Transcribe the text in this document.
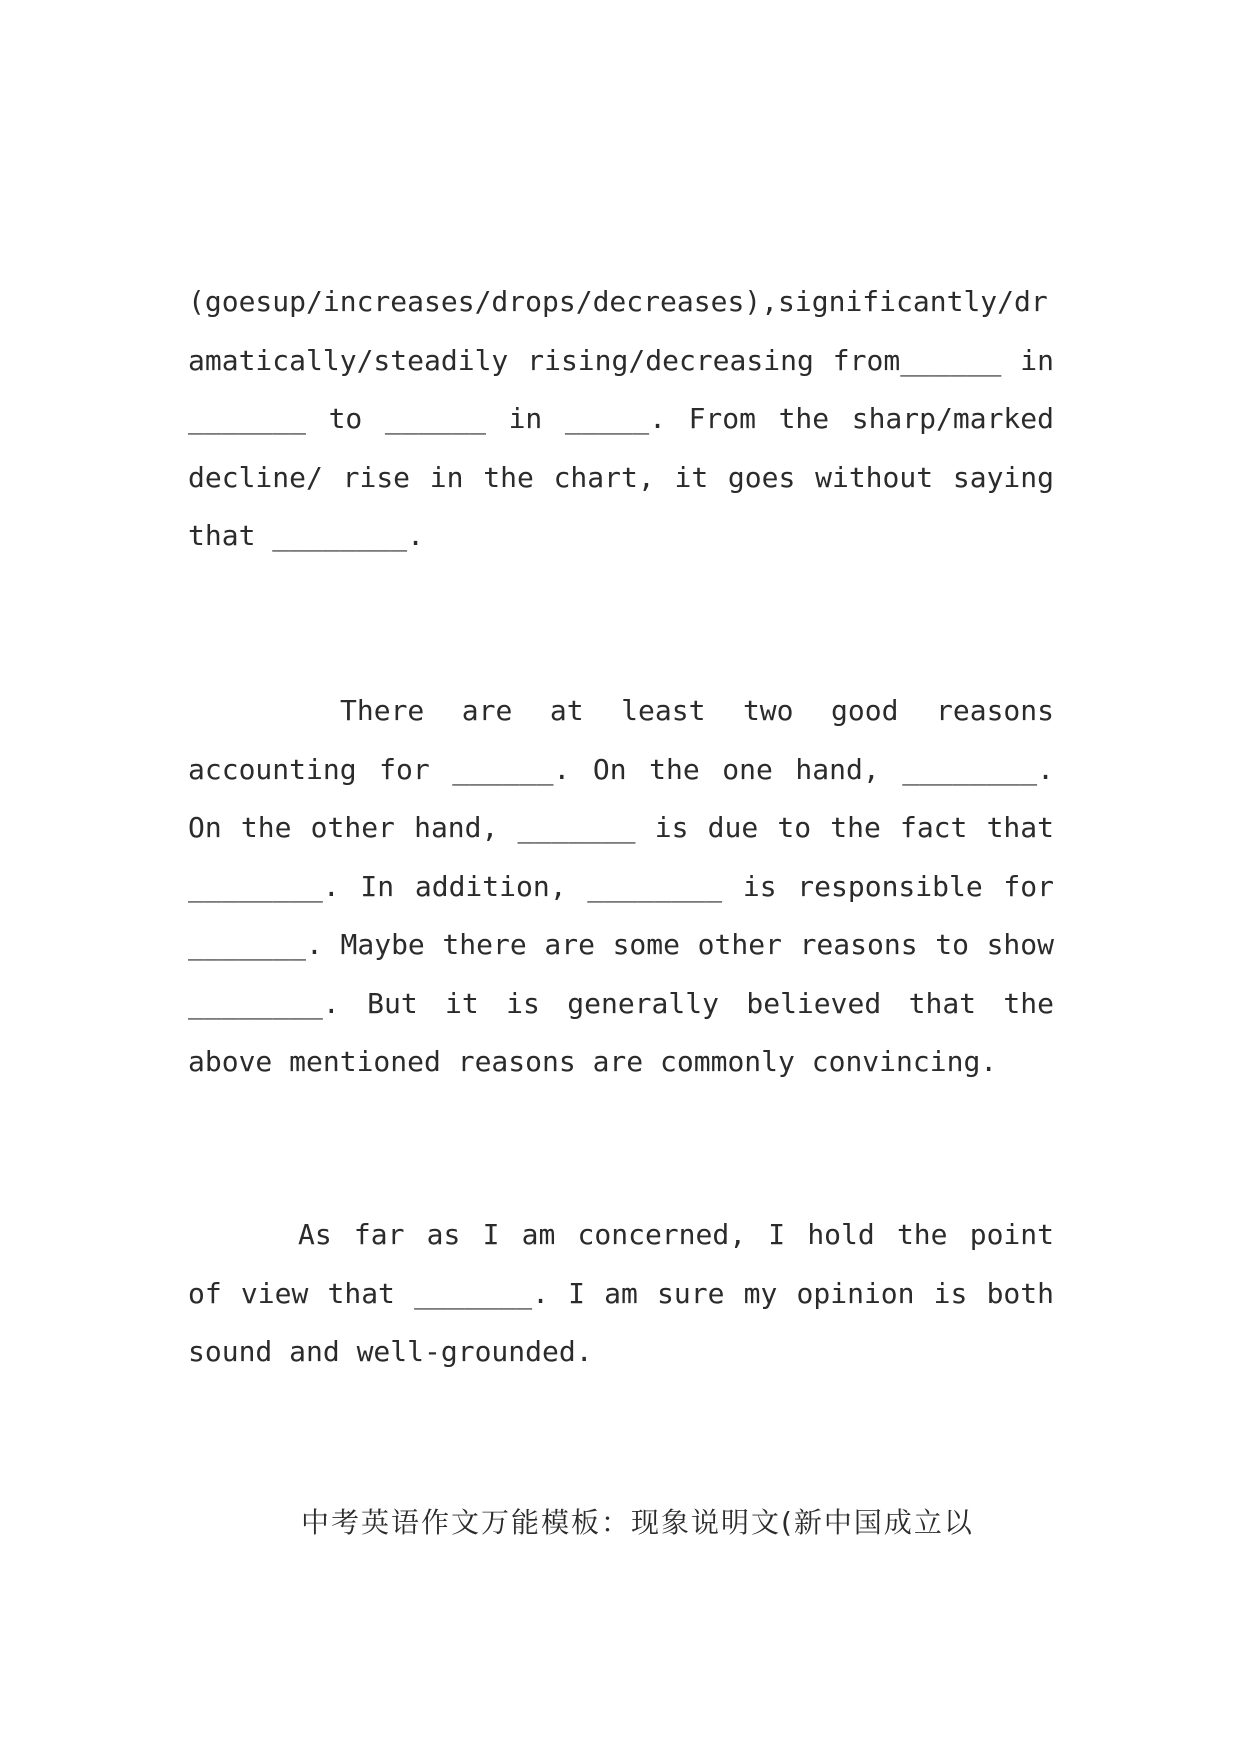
(goesup/increases/drops/decreases),significantly/dramatically/steadily rising/decreasing from______ in _______ to ______ in _____. From the sharp/marked decline/ rise in the chart, it goes without saying that ________.

There are at least two good reasons accounting for ______. On the one hand, ________. On the other hand, _______ is due to the fact that ________. In addition, ________ is responsible for _______. Maybe there are some other reasons to show ________. But it is generally believed that the above mentioned reasons are commonly convincing.

As far as I am concerned, I hold the point of view that _______. I am sure my opinion is both sound and well-grounded.

中考英语作文万能模板：现象说明文(新中国成立以
